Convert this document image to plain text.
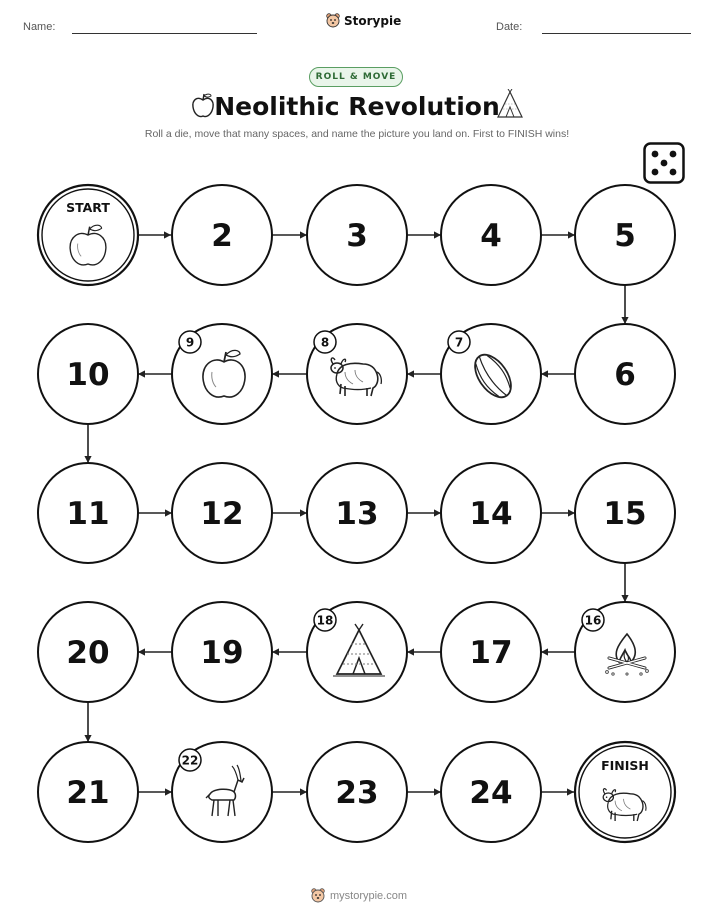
Name:	Storypie	Date:
ROLL & MOVE
Neolithic Revolution
Roll a die, move that many spaces, and name the picture you land on. First to FINISH wins!
START
2	3	4	5
6
7
8
9
10
11	12	13	14	15
16
17
18
19
20
21
22
23	24
FINISH
mystorypie.com
